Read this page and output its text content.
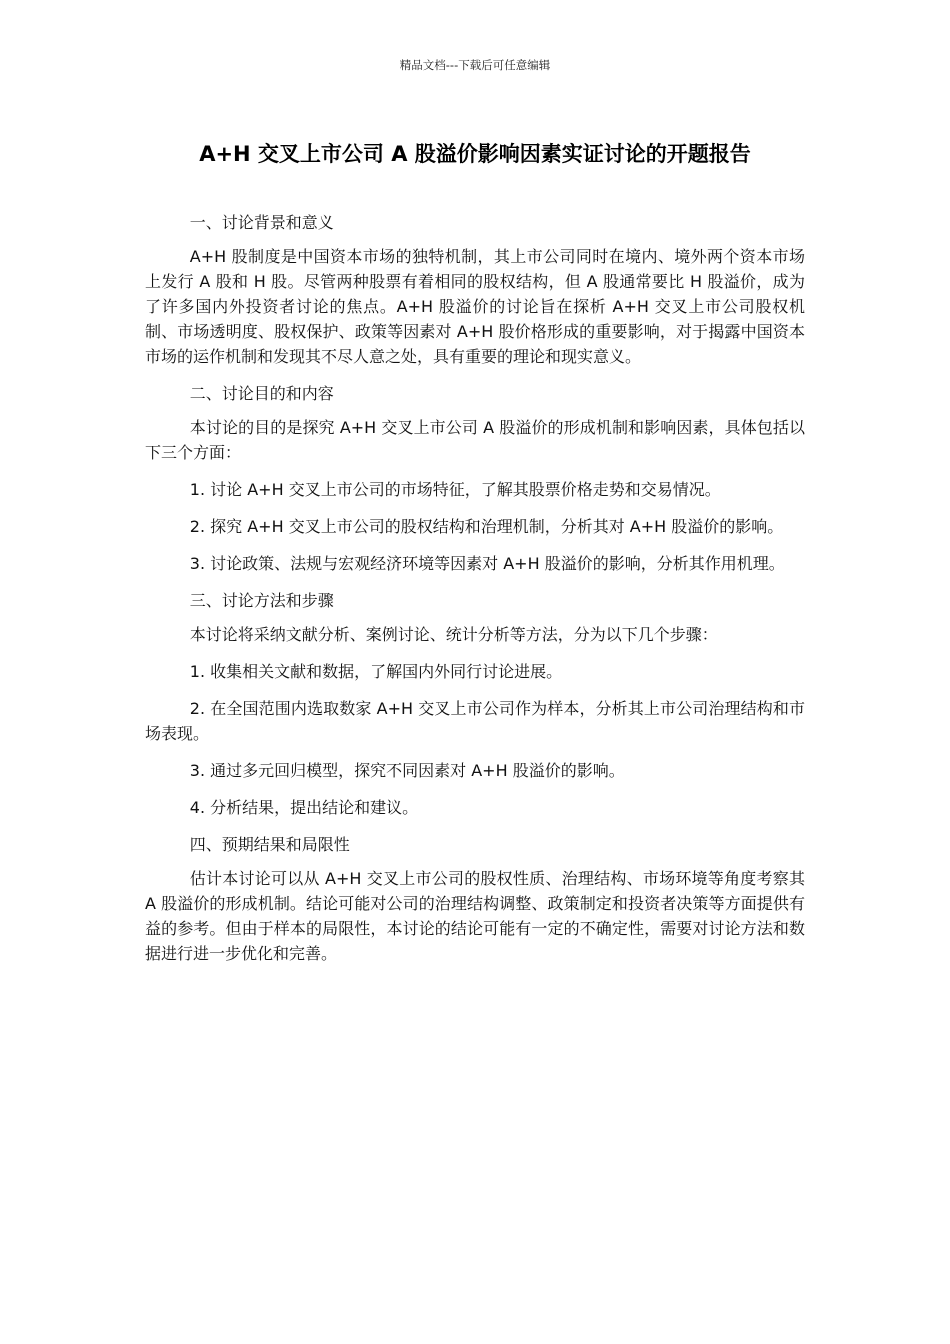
精品文档---下载后可任意编辑
A+H 交叉上市公司 A 股溢价影响因素实证讨论的开题报告

一、讨论背景和意义

A+H 股制度是中国资本市场的独特机制，其上市公司同时在境内、境外两个资本市场上发行 A 股和 H 股。尽管两种股票有着相同的股权结构，但 A 股通常要比 H 股溢价，成为了许多国内外投资者讨论的焦点。A+H 股溢价的讨论旨在探析 A+H 交叉上市公司股权机制、市场透明度、股权保护、政策等因素对 A+H 股价格形成的重要影响，对于揭露中国资本市场的运作机制和发现其不尽人意之处，具有重要的理论和现实意义。

二、讨论目的和内容

本讨论的目的是探究 A+H 交叉上市公司 A 股溢价的形成机制和影响因素，具体包括以下三个方面：

1. 讨论 A+H 交叉上市公司的市场特征，了解其股票价格走势和交易情况。

2. 探究 A+H 交叉上市公司的股权结构和治理机制，分析其对 A+H 股溢价的影响。

3. 讨论政策、法规与宏观经济环境等因素对 A+H 股溢价的影响，分析其作用机理。

三、讨论方法和步骤

本讨论将采纳文献分析、案例讨论、统计分析等方法，分为以下几个步骤：

1. 收集相关文献和数据，了解国内外同行讨论进展。

2. 在全国范围内选取数家 A+H 交叉上市公司作为样本，分析其上市公司治理结构和市场表现。

3. 通过多元回归模型，探究不同因素对 A+H 股溢价的影响。

4. 分析结果，提出结论和建议。

四、预期结果和局限性

估计本讨论可以从 A+H 交叉上市公司的股权性质、治理结构、市场环境等角度考察其 A 股溢价的形成机制。结论可能对公司的治理结构调整、政策制定和投资者决策等方面提供有益的参考。但由于样本的局限性，本讨论的结论可能有一定的不确定性，需要对讨论方法和数据进行进一步优化和完善。
